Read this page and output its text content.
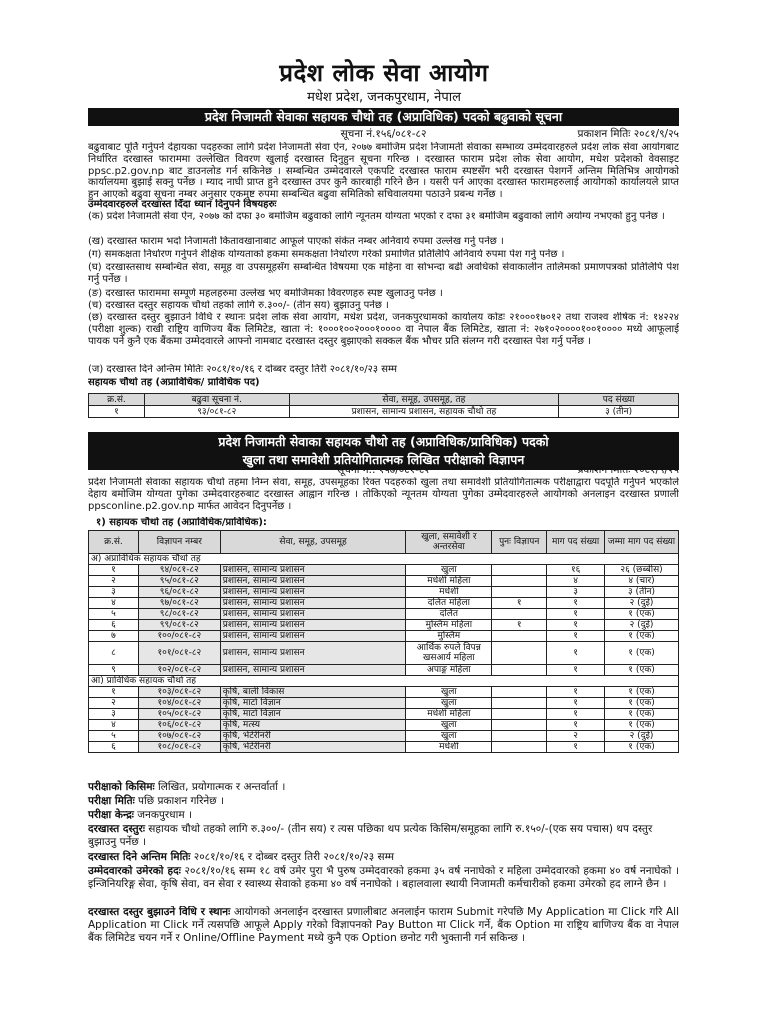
प्रदेश लोक सेवा आयोग
मधेश प्रदेश, जनकपुरधाम, नेपाल
प्रदेश निजामती सेवाका सहायक चौथो तह (अप्राविधिक) पदको बढुवाको सूचना
सूचना नं.१५६/०८१-८२	प्रकाशन मितिः २०८१/९/२५
बढुवाबाट पूर्ति गर्नुपर्ने देहायका पदहरुका लागि प्रदेश निजामती सेवा ऐन, २०७७ बमोजिम प्रदेश निजामती सेवाका सम्भाव्य उम्मेदवारहरुले प्रदेश लोक सेवा आयोगबाट निर्धारित दरखास्त फाराममा उल्लेखित विवरण खुलाई दरखास्त दिनुहुन सूचना गरिन्छ । दरखास्त फाराम प्रदेश लोक सेवा आयोग, मधेश प्रदेशको वेवसाइट ppsc.p2.gov.np बाट डाउनलोड गर्न सकिनेछ । सम्बन्धित उम्मेदवारले एकपटि दरखास्त फाराम स्पष्टसँग भरी दरखास्त पेशगर्ने अन्तिम मितिभित्र आयोगको कार्यालयमा बुझाई सक्नु पर्नेछ । म्याद नाघी प्राप्त हुने दरखास्त उपर कुनै कारबाही गरिने छैन । यसरी पर्न आएका दरखास्त फारामहरुलाई आयोगको कार्यालयले प्राप्त हुन आएको बढुवा सूचना नम्बर अनुसार एकमुष्ट रुपमा सम्बन्धित बढुवा समितिको सचिवालयमा पठाउने प्रबन्ध गर्नेछ ।
उम्मेदवारहरुले दरखास्त दिँदा ध्यान दिनुपर्ने विषयहरुः
(क) प्रदेश निजामती सेवा ऐन, २०७७ को दफा ३० बमोजिम बढुवाको लागि न्यूनतम योग्यता भएको र दफा ३१ बमोजिम बढुवाको लागि अयोग्य नभएको हुनु पर्नेछ ।
(ख) दरखास्त फाराम भर्दा निजामती कितावखानाबाट आफूले पाएको संकेत नम्बर अनिवार्य रुपमा उल्लेख गर्नु पर्नेछ ।
(ग) समकक्षता निर्धारण गर्नुपर्ने शैक्षिक योग्यताको हकमा समकक्षता निर्धारण गरेको प्रमाणित प्रतिलिपि अनिवार्य रुपमा पेश गर्नु पर्नेछ ।
(घ) दरखास्तसाथ सम्बन्धित सेवा, समूह वा उपसमूहसँग सम्बन्धित विषयमा एक महिना वा सोभन्दा बढी अवधिको सेवाकालीन तालिमको प्रमाणपत्रको प्रतिलिपि पेश गर्नु पर्नेछ ।
(ङ) दरखास्त फाराममा सम्पूर्ण महलहरुमा उल्लेख भए बमोजिमका विवरणहरु स्पष्ट खुलाउनु पर्नेछ ।
(च) दरखास्त दस्तुर सहायक चौथो तहको लागि रु.३००/- (तीन सय) बुझाउनु पर्नेछ ।
(छ) दरखास्त दस्तुर बुझाउने विधि र स्थानः प्रदेश लोक सेवा आयोग, मधेश प्रदेश, जनकपुरधामको कार्यालय कोडः २१०००१७०१२ तथा राजश्व शीर्षक नं: १४२२४ (परीक्षा शुल्क) राखी राष्ट्रिय वाणिज्य बैंक लिमिटेड, खाता नं: १०००१००२०००१०००० वा नेपाल बैंक लिमिटेड, खाता नं: २७१०२००००१००१०००० मध्ये आफूलाई पायक पर्ने कुनै एक बैंकमा उम्मेदवारले आफ्नो नामबाट दरखास्त दस्तुर बुझाएको सक्कल बैंक भौचर प्रति संलग्न गरी दरखास्त पेश गर्नु पर्नेछ ।
(ज) दरखास्त दिने अन्तिम मितिः २०८१/१०/१६ र दोब्बर दस्तुर तिरी २०८१/१०/२३ सम्म
सहायक चौथो तह (अप्राविधिक/ प्राविधिक पद)
क्र.सं.	बढुवा सूचना नं.	सेवा, समूह, उपसमूह, तह	पद संख्या
१	९३/०८१-८२	प्रशासन, सामान्य प्रशासन, सहायक चौथो तह	३ (तीन)
प्रदेश निजामती सेवाका सहायक चौथो तह (अप्राविधिक/प्राविधिक) पदको
खुला तथा समावेशी प्रतियोगितात्मक लिखित परीक्षाको विज्ञापन
सूचना नं.: १५७/०८१-८२	प्रकाशन मितिः २०८१/९/२५
प्रदेश निजामती सेवाका सहायक चौथो तहमा निम्न सेवा, समूह, उपसमूहका रिक्त पदहरुको खुला तथा समावेशी प्रतियोगितात्मक परीक्षाद्वारा पदपूर्ति गर्नुपर्ने भएकोले देहाय बमोजिम योग्यता पुगेका उम्मेदवारहरुबाट दरखास्त आह्वान गरिन्छ । तोकिएको न्यूनतम योग्यता पुगेका उम्मेदवारहरुले आयोगको अनलाइन दरखास्त प्रणाली ppsconline.p2.gov.np मार्फत आवेदन दिनुपर्नेछ ।
१) सहायक चौथो तह (अप्राविधिक/प्राविधिक):
क्र.सं.	विज्ञापन नम्बर	सेवा, समूह, उपसमूह	खुला, समावेशी र अन्तरसेवा	पुनः विज्ञापन	माग पद संख्या	जम्मा माग पद संख्या
अ) अप्राविधिक सहायक चौथो तह						
१	९४/०८१-८२	प्रशासन, सामान्य प्रशासन	खुला		१६	२६ (छब्बीस)
२	९५/०८१-८२	प्रशासन, सामान्य प्रशासन	मधेशी महिला		४	४ (चार)
३	९६/०८१-८२	प्रशासन, सामान्य प्रशासन	मधेशी		३	३ (तीन)
४	९७/०८१-८२	प्रशासन, सामान्य प्रशासन	दलित महिला	१	१	२ (दुई)
५	९८/०८१-८२	प्रशासन, सामान्य प्रशासन	दलित		१	१ (एक)
६	९९/०८१-८२	प्रशासन, सामान्य प्रशासन	मुस्लिम महिला	१	१	२ (दुई)
७	१००/०८१-८२	प्रशासन, सामान्य प्रशासन	मुस्लिम		१	१ (एक)
८	१०१/०८१-८२	प्रशासन, सामान्य प्रशासन	आर्थिक रुपले विपन्न खसआर्य महिला		१	१ (एक)
९	१०२/०८१-८२	प्रशासन, सामान्य प्रशासन	अपाङ्ग महिला		१	१ (एक)
आ) प्राविधिक सहायक चौथो तह						
१	१०३/०८१-८२	कृषि, बाली विकास	खुला		१	१ (एक)
२	१०४/०८१-८२	कृषि, माटो विज्ञान	खुला		१	१ (एक)
३	१०५/०८१-८२	कृषि, माटो विज्ञान	मधेशी महिला		१	१ (एक)
४	१०६/०८१-८२	कृषि, मत्स्य	खुला		१	१ (एक)
५	१०७/०८१-८२	कृषि, भेटेरीनरी	खुला		२	२ (दुई)
६	१०८/०८१-८२	कृषि, भेटेरीनरी	मधेशी		१	१ (एक)
परीक्षाको किसिमः लिखित, प्रयोगात्मक र अन्तर्वार्ता ।
परीक्षा मितिः पछि प्रकाशन गरिनेछ ।
परीक्षा केन्द्रः जनकपुरधाम ।
दरखास्त दस्तुरः सहायक चौथो तहको लागि रु.३००/- (तीन सय) र त्यस पछिका थप प्रत्येक किसिम/समूहका लागि रु.१५०/-(एक सय पचास) थप दस्तुर बुझाउनु पर्नेछ ।
दरखास्त दिने अन्तिम मितिः २०८१/१०/१६ र दोब्बर दस्तुर तिरी २०८१/१०/२३ सम्म
उम्मेदवारको उमेरको हदः २०८१/१०/१६ सम्म १८ वर्ष उमेर पुरा भै पुरुष उम्मेदवारको हकमा ३५ वर्ष ननाघेको र महिला उम्मेदवारको हकमा ४० वर्ष ननाघेको । इन्जिनियरिङ्ग सेवा, कृषि सेवा, वन सेवा र स्वास्थ्य सेवाको हकमा ४० वर्ष ननाघेको । बहालवाला स्थायी निजामती कर्मचारीको हकमा उमेरको हद लाग्ने छैन ।
दरखास्त दस्तुर बुझाउने विधि र स्थानः आयोगको अनलाईन दरखास्त प्रणालीबाट अनलाईन फाराम Submit गरेपछि My Application मा Click गरि All Application मा Click गर्ने त्यसपछि आफूले Apply गरेको विज्ञापनको Pay Button मा Click गर्ने, बैंक Option मा राष्ट्रिय बाणिज्य बैंक वा नेपाल बैंक लिमिटेड चयन गर्ने र Online/Offline Payment मध्ये कुनै एक Option छनोट गरी भुक्तानी गर्न सकिन्छ ।
